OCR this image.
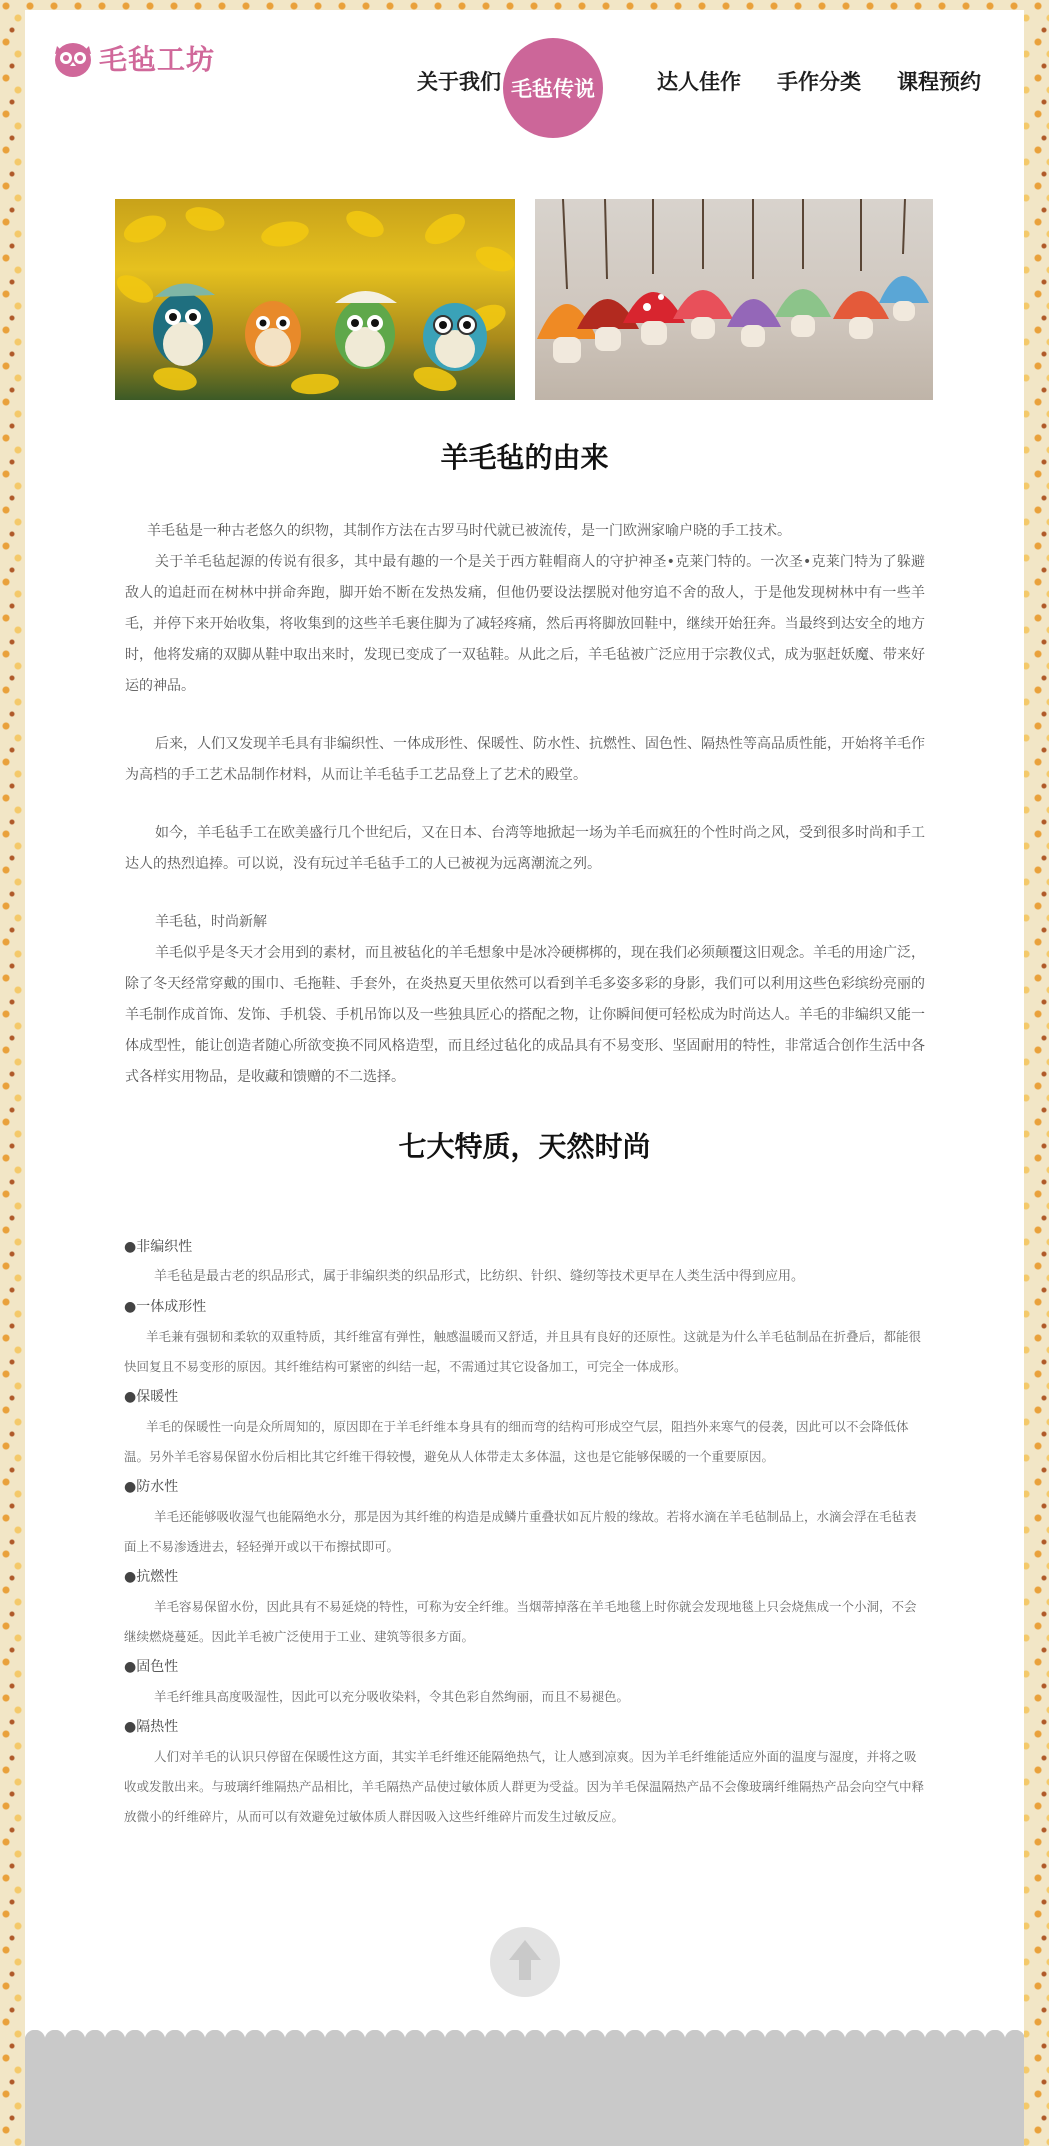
毛毡工坊
关于我们 毛毡传说	达人佳作 手作分类 课程预约
羊毛毡的由来

羊毛毡是一种古老悠久的织物，其制作方法在古罗马时代就已被流传，是一门欧洲家喻户晓的手工技术。

关于羊毛毡起源的传说有很多，其中最有趣的一个是关于西方鞋帽商人的守护神圣•克莱门特的。一次圣•克莱门特为了躲避敌人的追赶而在树林中拼命奔跑，脚开始不断在发热发痛，但他仍要设法摆脱对他穷追不舍的敌人，于是他发现树林中有一些羊毛，并停下来开始收集，将收集到的这些羊毛裹住脚为了减轻疼痛，然后再将脚放回鞋中，继续开始狂奔。当最终到达安全的地方时，他将发痛的双脚从鞋中取出来时，发现已变成了一双毡鞋。从此之后，羊毛毡被广泛应用于宗教仪式，成为驱赶妖魔、带来好运的神品。

后来，人们又发现羊毛具有非编织性、一体成形性、保暖性、防水性、抗燃性、固色性、隔热性等高品质性能，开始将羊毛作为高档的手工艺术品制作材料，从而让羊毛毡手工艺品登上了艺术的殿堂。

如今，羊毛毡手工在欧美盛行几个世纪后，又在日本、台湾等地掀起一场为羊毛而疯狂的个性时尚之风，受到很多时尚和手工达人的热烈追捧。可以说，没有玩过羊毛毡手工的人已被视为远离潮流之列。

羊毛毡，时尚新解

羊毛似乎是冬天才会用到的素材，而且被毡化的羊毛想象中是冰冷硬梆梆的，现在我们必须颠覆这旧观念。羊毛的用途广泛，除了冬天经常穿戴的围巾、毛拖鞋、手套外，在炎热夏天里依然可以看到羊毛多姿多彩的身影，我们可以利用这些色彩缤纷亮丽的羊毛制作成首饰、发饰、手机袋、手机吊饰以及一些独具匠心的搭配之物，让你瞬间便可轻松成为时尚达人。羊毛的非编织又能一体成型性，能让创造者随心所欲变换不同风格造型，而且经过毡化的成品具有不易变形、坚固耐用的特性，非常适合创作生活中各式各样实用物品，是收藏和馈赠的不二选择。

七大特质，天然时尚
●非编织性
羊毛毡是最古老的织品形式，属于非编织类的织品形式，比纺织、针织、缝纫等技术更早在人类生活中得到应用。
●一体成形性
羊毛兼有强韧和柔软的双重特质，其纤维富有弹性，触感温暖而又舒适，并且具有良好的还原性。这就是为什么羊毛毡制品在折叠后，都能很快回复且不易变形的原因。其纤维结构可紧密的纠结一起，不需通过其它设备加工，可完全一体成形。
●保暖性
羊毛的保暖性一向是众所周知的，原因即在于羊毛纤维本身具有的细而弯的结构可形成空气层，阻挡外来寒气的侵袭，因此可以不会降低体温。另外羊毛容易保留水份后相比其它纤维干得较慢，避免从人体带走太多体温，这也是它能够保暖的一个重要原因。
●防水性
羊毛还能够吸收湿气也能隔绝水分，那是因为其纤维的构造是成鳞片重叠状如瓦片般的缘故。若将水滴在羊毛毡制品上，水滴会浮在毛毡表面上不易渗透进去，轻轻弹开或以干布擦拭即可。
●抗燃性
羊毛容易保留水份，因此具有不易延烧的特性，可称为安全纤维。当烟蒂掉落在羊毛地毯上时你就会发现地毯上只会烧焦成一个小洞，不会继续燃烧蔓延。因此羊毛被广泛使用于工业、建筑等很多方面。
●固色性
羊毛纤维具高度吸湿性，因此可以充分吸收染料，令其色彩自然绚丽，而且不易褪色。
●隔热性
人们对羊毛的认识只停留在保暖性这方面，其实羊毛纤维还能隔绝热气，让人感到凉爽。因为羊毛纤维能适应外面的温度与湿度，并将之吸收或发散出来。与玻璃纤维隔热产品相比，羊毛隔热产品使过敏体质人群更为受益。因为羊毛保温隔热产品不会像玻璃纤维隔热产品会向空气中释放微小的纤维碎片，从而可以有效避免过敏体质人群因吸入这些纤维碎片而发生过敏反应。
